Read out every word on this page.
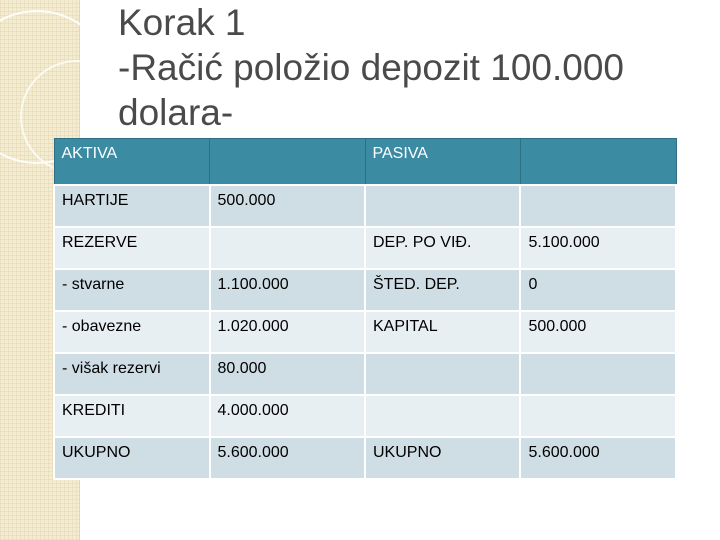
Korak 1
-Račić položio depozit 100.000 dolara-
AKTIVA		PASIVA	
HARTIJE	500.000		
REZERVE		DEP. PO VIĐ.	5.100.000
- stvarne	1.100.000	ŠTED. DEP.	0
- obavezne	1.020.000	KAPITAL	500.000
- višak rezervi	80.000		
KREDITI	4.000.000		
UKUPNO	5.600.000	UKUPNO	5.600.000
